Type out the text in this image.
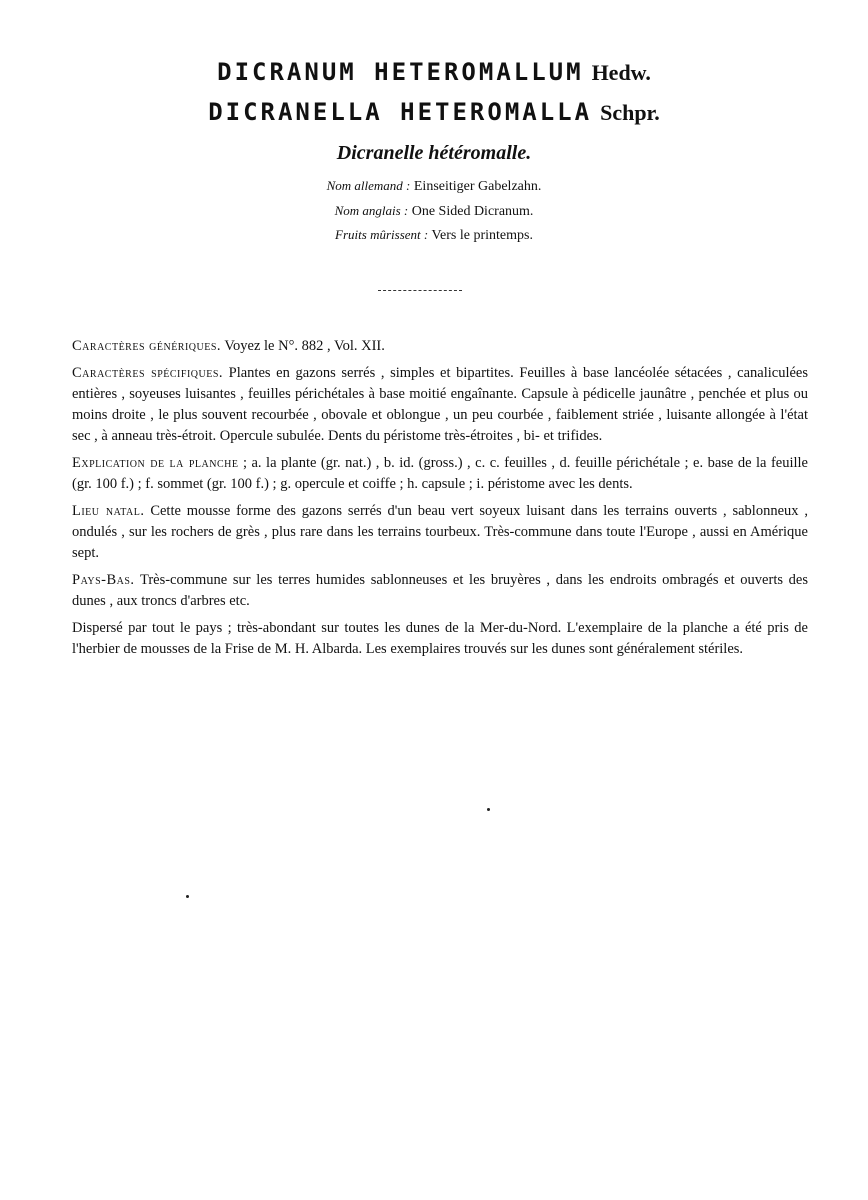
DICRANUM HETEROMALLUM Hedw.
DICRANELLA HETEROMALLA Schpr.
Dicranelle hétéromalle.
Nom allemand : Einseitiger Gabelzahn.
Nom anglais : One Sided Dicranum.
Fruits mûrissent : Vers le printemps.

Caractères génériques. Voyez le N°. 882 , Vol. XII.

Caractères spécifiques. Plantes en gazons serrés , simples et bipartites. Feuilles à base lancéolée sétacées , canaliculées entières , soyeuses luisantes , feuilles périchétales à base moitié engaînante. Capsule à pédicelle jaunâtre , penchée et plus ou moins droite , le plus souvent recourbée , obovale et oblongue , un peu courbée , faiblement striée , luisante allongée à l'état sec , à anneau très-étroit. Opercule subulée. Dents du péristome très-étroites , bi- et trifides.

Explication de la planche ; a. la plante (gr. nat.) , b. id. (gross.) , c. c. feuilles , d. feuille périchétale ; e. base de la feuille (gr. 100 f.) ; f. sommet (gr. 100 f.) ; g. opercule et coiffe ; h. capsule ; i. péristome avec les dents.

Lieu natal. Cette mousse forme des gazons serrés d'un beau vert soyeux luisant dans les terrains ouverts , sablonneux , ondulés , sur les rochers de grès , plus rare dans les terrains tourbeux. Très-commune dans toute l'Europe , aussi en Amérique sept.

Pays-Bas. Très-commune sur les terres humides sablonneuses et les bruyères , dans les endroits ombragés et ouverts des dunes , aux troncs d'arbres etc.

Dispersé par tout le pays ; très-abondant sur toutes les dunes de la Mer-du-Nord. L'exemplaire de la planche a été pris de l'herbier de mousses de la Frise de M. H. Albarda. Les exemplaires trouvés sur les dunes sont généralement stériles.
